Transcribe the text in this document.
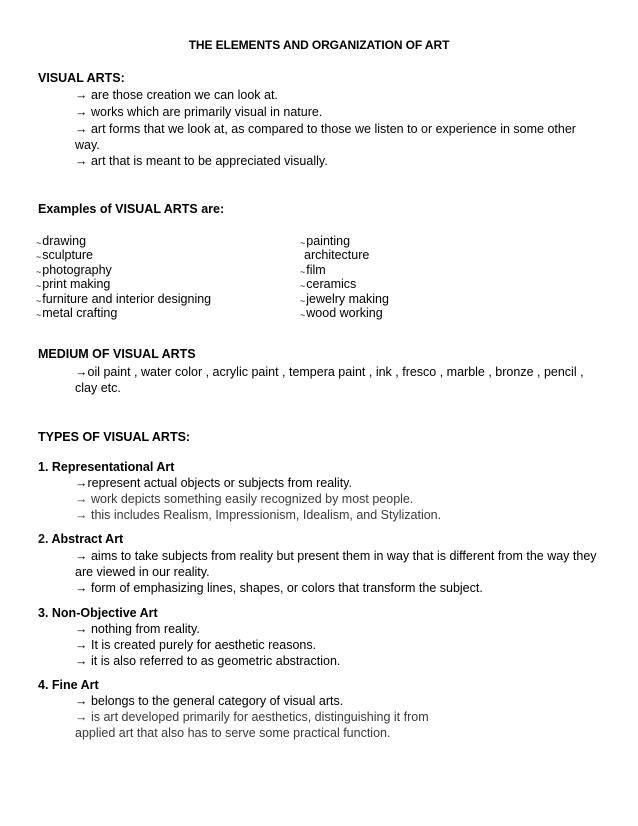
THE ELEMENTS AND ORGANIZATION OF ART
VISUAL ARTS:
→ are those creation we can look at.
→ works which are primarily visual in nature.
→ art forms that we look at, as compared to those we listen to or experience in some other way.
→ art that is meant to be appreciated visually.
Examples of VISUAL ARTS are:
~drawing
~sculpture
~photography
~print making
~furniture and interior designing
~metal crafting
~painting
architecture
~film
~ceramics
~jewelry making
~wood working
MEDIUM OF VISUAL ARTS
→oil paint , water color , acrylic paint , tempera paint , ink , fresco , marble , bronze , pencil , clay etc.
TYPES OF VISUAL ARTS:
1. Representational Art
→represent actual objects or subjects from reality.
→ work depicts something easily recognized by most people.
→ this includes Realism, Impressionism, Idealism, and Stylization.
2. Abstract Art
→ aims to take subjects from reality but present them in way that is different from the way they are viewed in our reality.
→ form of emphasizing lines, shapes, or colors that transform the subject.
3. Non-Objective Art
→ nothing from reality.
→ It is created purely for aesthetic reasons.
→ it is also referred to as geometric abstraction.
4. Fine Art
→ belongs to the general category of visual arts.
→ is art developed primarily for aesthetics, distinguishing it from
applied art that also has to serve some practical function.
